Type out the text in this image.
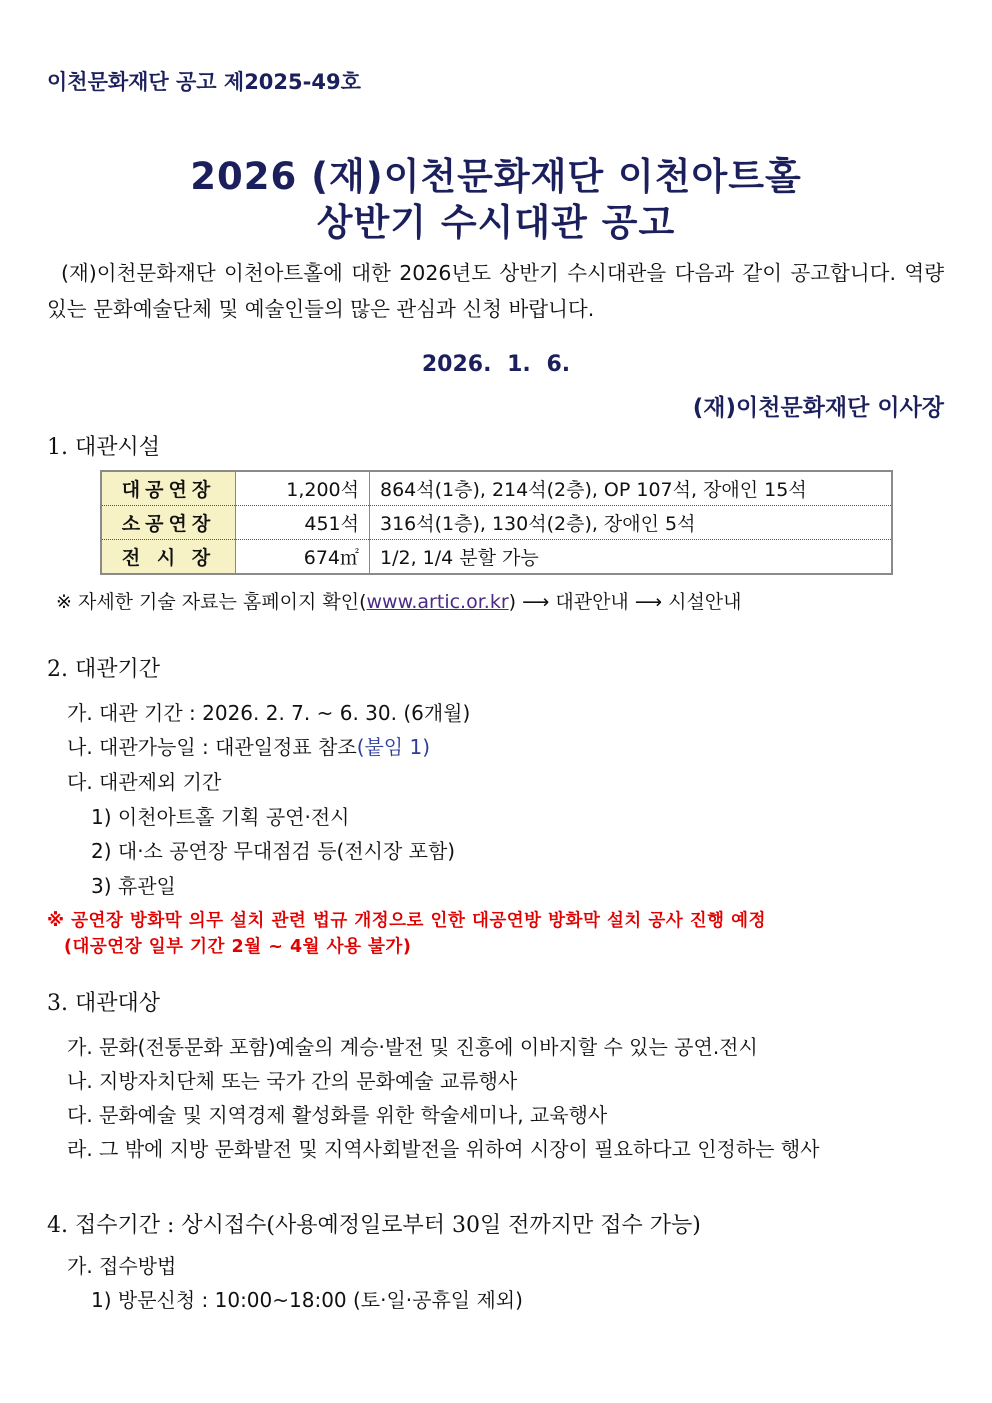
이천문화재단 공고 제2025-49호
2026 (재)이천문화재단 이천아트홀
상반기 수시대관 공고
(재)이천문화재단 이천아트홀에 대한 2026년도 상반기 수시대관을 다음과 같이 공고합니다. 역량있는 문화예술단체 및 예술인들의 많은 관심과 신청 바랍니다.
2026. 1. 6.
(재)이천문화재단 이사장
1. 대관시설
대공연장	1,200석	864석(1층), 214석(2층), OP 107석, 장애인 15석
소공연장	451석	316석(1층), 130석(2층), 장애인 5석
전 시 장	674㎡	1/2, 1/4 분할 가능
※ 자세한 기술 자료는 홈페이지 확인(www.artic.or.kr) ⟶ 대관안내 ⟶ 시설안내
2. 대관기간
가. 대관 기간 : 2026. 2. 7. ~ 6. 30. (6개월)
나. 대관가능일 : 대관일정표 참조(붙임 1)
다. 대관제외 기간
1) 이천아트홀 기획 공연·전시
2) 대·소 공연장 무대점검 등(전시장 포함)
3) 휴관일
※ 공연장 방화막 의무 설치 관련 법규 개정으로 인한 대공연방 방화막 설치 공사 진행 예정
(대공연장 일부 기간 2월 ~ 4월 사용 불가)
3. 대관대상
가. 문화(전통문화 포함)예술의 계승·발전 및 진흥에 이바지할 수 있는 공연.전시
나. 지방자치단체 또는 국가 간의 문화예술 교류행사
다. 문화예술 및 지역경제 활성화를 위한 학술세미나, 교육행사
라. 그 밖에 지방 문화발전 및 지역사회발전을 위하여 시장이 필요하다고 인정하는 행사
4. 접수기간 : 상시접수(사용예정일로부터 30일 전까지만 접수 가능)
가. 접수방법
1) 방문신청 : 10:00~18:00 (토·일·공휴일 제외)
